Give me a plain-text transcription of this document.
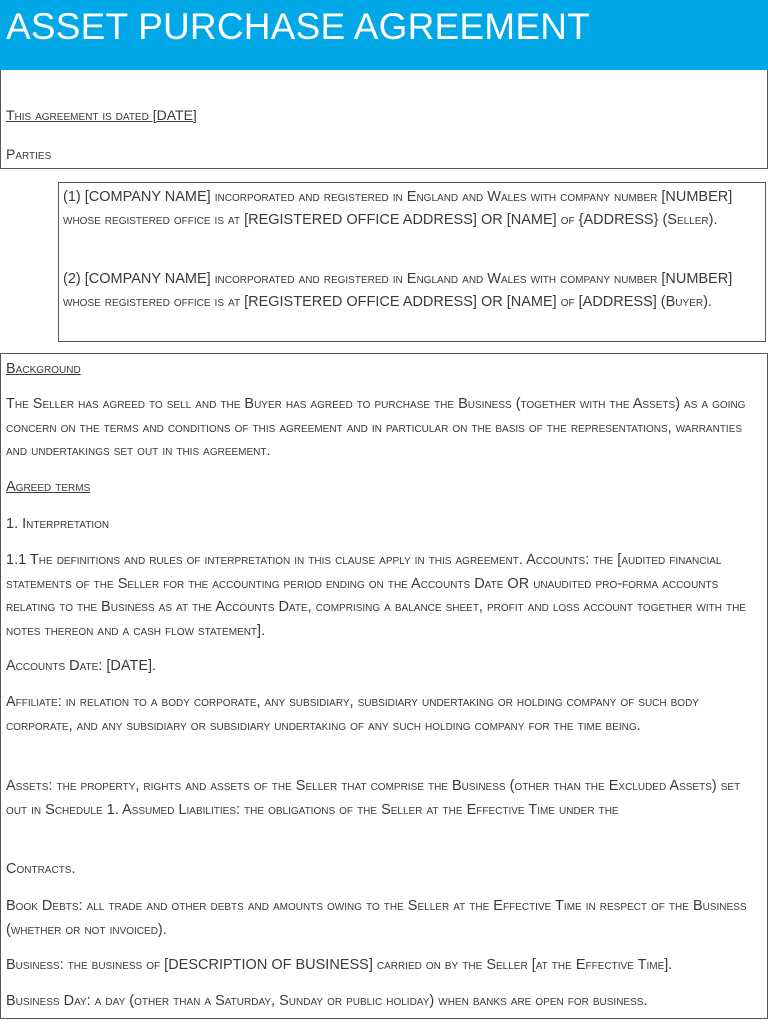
ASSET PURCHASE AGREEMENT
This agreement is dated [DATE]
Parties
(1) [COMPANY NAME] incorporated and registered in England and Wales with company number [NUMBER] whose registered office is at [REGISTERED OFFICE ADDRESS] OR [NAME] of {ADDRESS} (Seller).
(2) [COMPANY NAME] incorporated and registered in England and Wales with company number [NUMBER] whose registered office is at [REGISTERED OFFICE ADDRESS] OR [NAME] of [ADDRESS] (Buyer).
Background
The Seller has agreed to sell and the Buyer has agreed to purchase the Business (together with the Assets) as a going concern on the terms and conditions of this agreement and in particular on the basis of the representations, warranties and undertakings set out in this agreement.
Agreed terms
1. Interpretation
1.1 The definitions and rules of interpretation in this clause apply in this agreement. Accounts: the [audited financial statements of the Seller for the accounting period ending on the Accounts Date OR unaudited pro-forma accounts relating to the Business as at the Accounts Date, comprising a balance sheet, profit and loss account together with the notes thereon and a cash flow statement].
Accounts Date: [DATE].
Affiliate: in relation to a body corporate, any subsidiary, subsidiary undertaking or holding company of such body corporate, and any subsidiary or subsidiary undertaking of any such holding company for the time being.
Assets: the property, rights and assets of the Seller that comprise the Business (other than the Excluded Assets) set out in Schedule 1. Assumed Liabilities: the obligations of the Seller at the Effective Time under the
Contracts.
Book Debts: all trade and other debts and amounts owing to the Seller at the Effective Time in respect of the Business (whether or not invoiced).
Business: the business of [DESCRIPTION OF BUSINESS] carried on by the Seller [at the Effective Time].
Business Day: a day (other than a Saturday, Sunday or public holiday) when banks are open for business.
